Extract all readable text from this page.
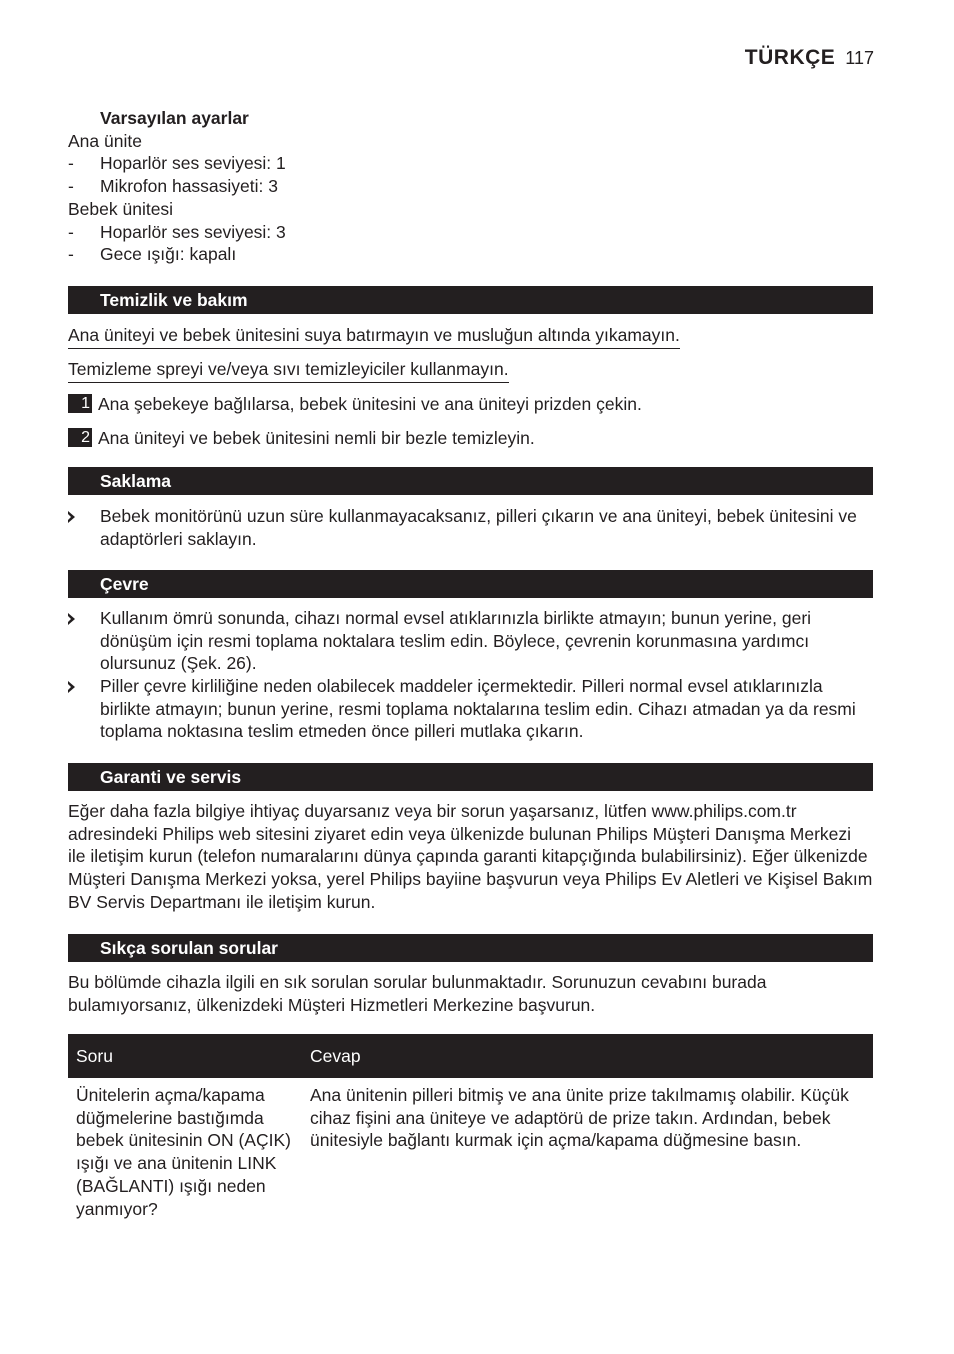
TÜRKÇE 117
Varsayılan ayarlar
Ana ünite
- Hoparlör ses seviyesi: 1
- Mikrofon hassasiyeti: 3
Bebek ünitesi
- Hoparlör ses seviyesi: 3
- Gece ışığı: kapalı
Temizlik ve bakım
Ana üniteyi ve bebek ünitesini suya batırmayın ve musluğun altında yıkamayın.
Temizleme spreyi ve/veya sıvı temizleyiciler kullanmayın.
1 Ana şebekeye bağlılarsa, bebek ünitesini ve ana üniteyi prizden çekin.
2 Ana üniteyi ve bebek ünitesini nemli bir bezle temizleyin.
Saklama
Bebek monitörünü uzun süre kullanmayacaksanız, pilleri çıkarın ve ana üniteyi, bebek ünitesini ve adaptörleri saklayın.
Çevre
Kullanım ömrü sonunda, cihazı normal evsel atıklarınızla birlikte atmayın; bunun yerine, geri dönüşüm için resmi toplama noktalara teslim edin. Böylece, çevrenin korunmasına yardımcı olursunuz (Şek. 26).
Piller çevre kirliliğine neden olabilecek maddeler içermektedir. Pilleri normal evsel atıklarınızla birlikte atmayın; bunun yerine, resmi toplama noktalarına teslim edin. Cihazı atmadan ya da resmi toplama noktasına teslim etmeden önce pilleri mutlaka çıkarın.
Garanti ve servis
Eğer daha fazla bilgiye ihtiyaç duyarsanız veya bir sorun yaşarsanız, lütfen www.philips.com.tr adresindeki Philips web sitesini ziyaret edin veya ülkenizde bulunan Philips Müşteri Danışma Merkezi ile iletişim kurun (telefon numaralarını dünya çapında garanti kitapçığında bulabilirsiniz). Eğer ülkenizde Müşteri Danışma Merkezi yoksa, yerel Philips bayiine başvurun veya Philips Ev Aletleri ve Kişisel Bakım BV Servis Departmanı ile iletişim kurun.
Sıkça sorulan sorular
Bu bölümde cihazla ilgili en sık sorulan sorular bulunmaktadır. Sorunuzun cevabını burada bulamıyorsanız, ülkenizdeki Müşteri Hizmetleri Merkezine başvurun.
Soru	Cevap
Ünitelerin açma/kapama düğmelerine bastığımda bebek ünitesinin ON (AÇIK) ışığı ve ana ünitenin LINK (BAĞLANTI) ışığı neden yanmıyor?	Ana ünitenin pilleri bitmiş ve ana ünite prize takılmamış olabilir. Küçük cihaz fişini ana üniteye ve adaptörü de prize takın. Ardından, bebek ünitesiyle bağlantı kurmak için açma/kapama düğmesine basın.
